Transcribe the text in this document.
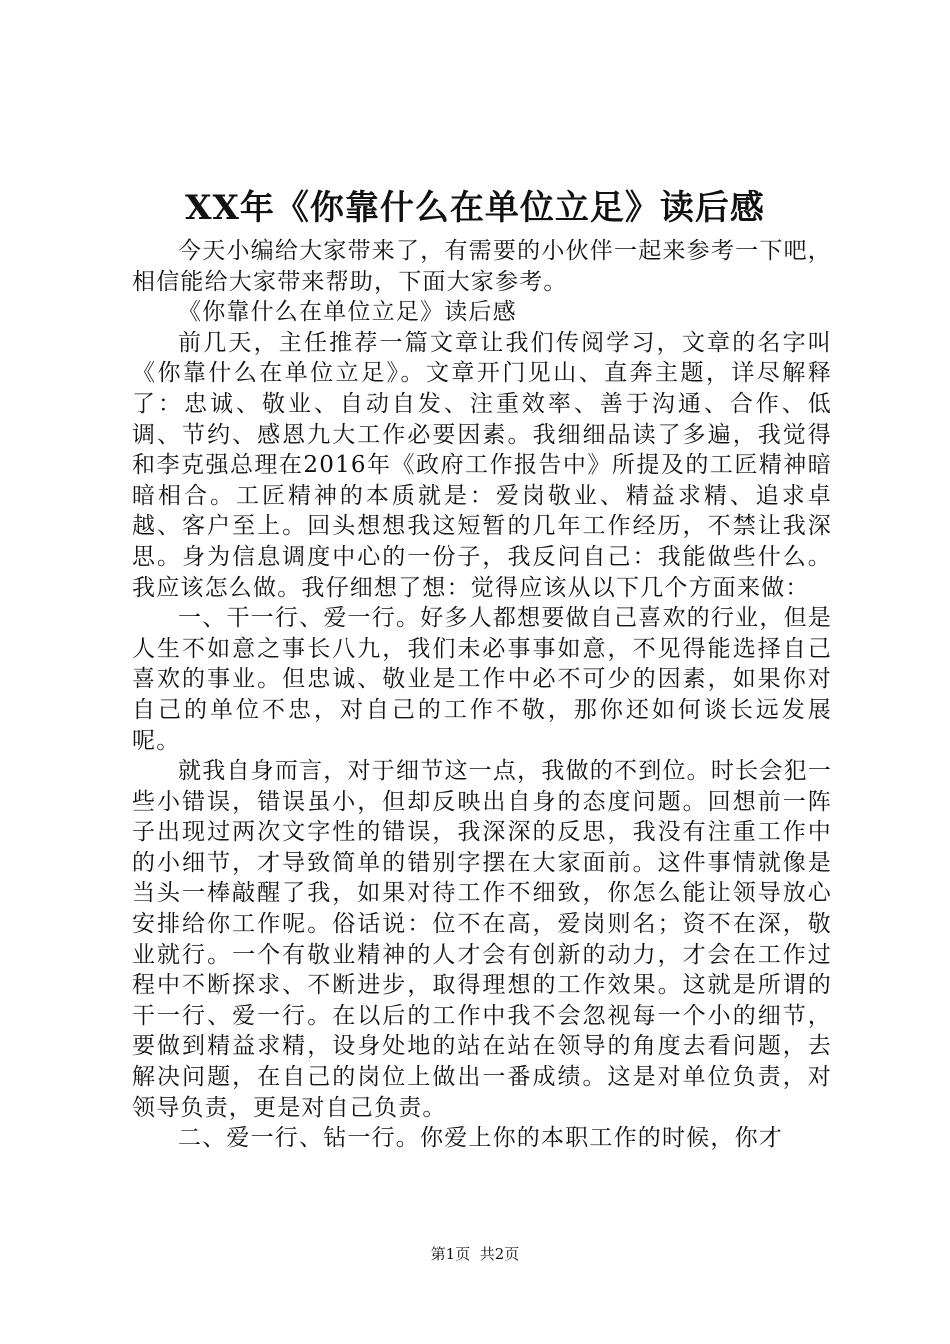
XX年《你靠什么在单位立足》读后感

今天小编给大家带来了，有需要的小伙伴一起来参考一下吧，相信能给大家带来帮助，下面大家参考。

《你靠什么在单位立足》读后感

前几天，主任推荐一篇文章让我们传阅学习，文章的名字叫《你靠什么在单位立足》。文章开门见山、直奔主题，详尽解释了：忠诚、敬业、自动自发、注重效率、善于沟通、合作、低调、节约、感恩九大工作必要因素。我细细品读了多遍，我觉得和李克强总理在2016年《政府工作报告中》所提及的工匠精神暗暗相合。工匠精神的本质就是：爱岗敬业、精益求精、追求卓越、客户至上。回头想想我这短暂的几年工作经历，不禁让我深思。身为信息调度中心的一份子，我反问自己：我能做些什么。我应该怎么做。我仔细想了想：觉得应该从以下几个方面来做：

一、干一行、爱一行。好多人都想要做自己喜欢的行业，但是人生不如意之事长八九，我们未必事事如意，不见得能选择自己喜欢的事业。但忠诚、敬业是工作中必不可少的因素，如果你对自己的单位不忠，对自己的工作不敬，那你还如何谈长远发展呢。

就我自身而言，对于细节这一点，我做的不到位。时长会犯一些小错误，错误虽小，但却反映出自身的态度问题。回想前一阵子出现过两次文字性的错误，我深深的反思，我没有注重工作中的小细节，才导致简单的错别字摆在大家面前。这件事情就像是当头一棒敲醒了我，如果对待工作不细致，你怎么能让领导放心安排给你工作呢。俗话说：位不在高，爱岗则名；资不在深，敬业就行。一个有敬业精神的人才会有创新的动力，才会在工作过程中不断探求、不断进步，取得理想的工作效果。这就是所谓的干一行、爱一行。在以后的工作中我不会忽视每一个小的细节，要做到精益求精，设身处地的站在站在领导的角度去看问题，去解决问题，在自己的岗位上做出一番成绩。这是对单位负责，对领导负责，更是对自己负责。

二、爱一行、钻一行。你爱上你的本职工作的时候，你才

第1页 共2页
